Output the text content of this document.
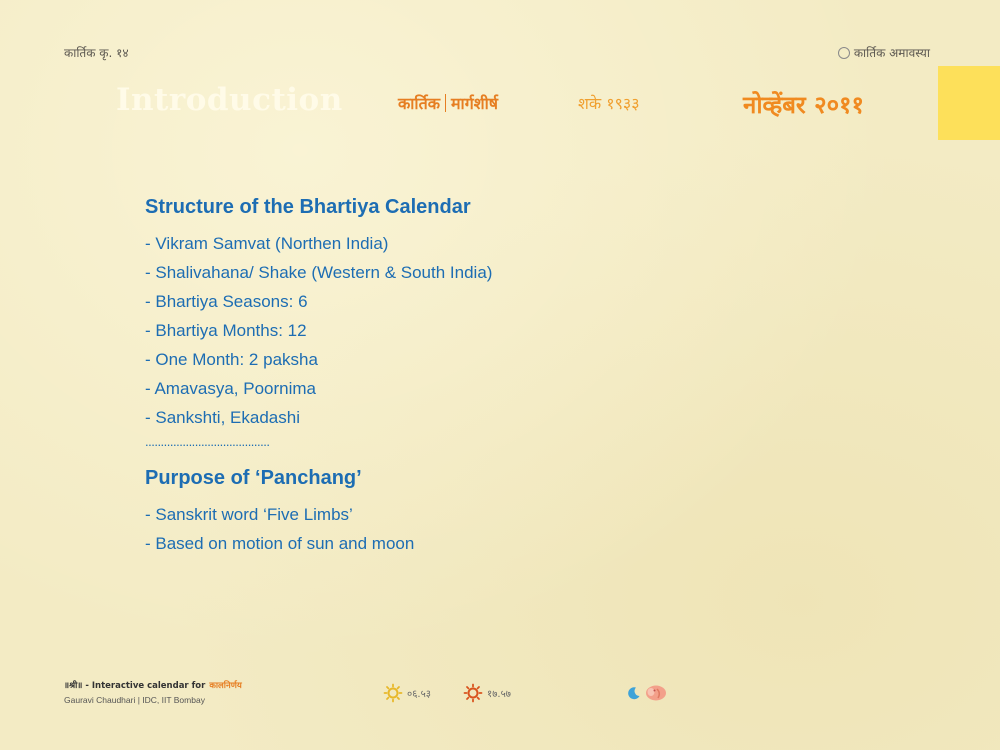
कार्तिक कृ. १४	कार्तिक अमावस्या
Introduction	कार्तिक मार्गशीर्ष	शके १९३३	नोव्हेंबर २०११
Structure of the Bhartiya Calendar
- Vikram Samvat (Northen India)
- Shalivahana/ Shake (Western & South India)
- Bhartiya Seasons: 6
- Bhartiya Months: 12
- One Month: 2 paksha
- Amavasya, Poornima
- Sankshti, Ekadashi
........................................
Purpose of ‘Panchang’
- Sanskrit word ‘Five Limbs’
- Based on motion of sun and moon
॥श्री॥ - Interactive calendar for कालनिर्णय
Gauravi Chaudhari | IDC, IIT Bombay	०६.५३	१७.५७
